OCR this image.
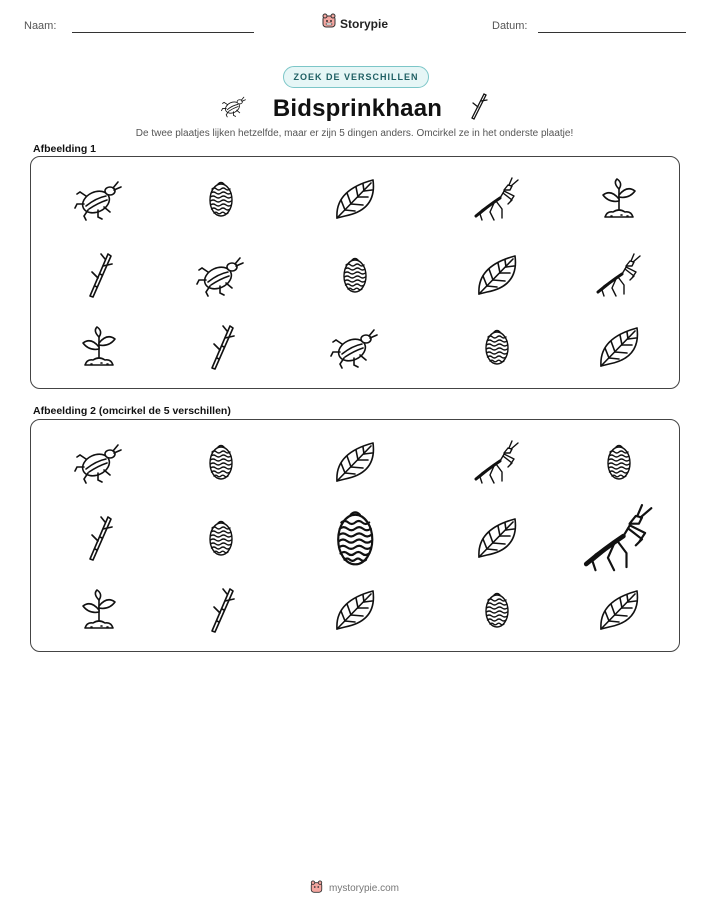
Naam:	Storypie	Datum:
ZOEK DE VERSCHILLEN
Bidsprinkhaan
De twee plaatjes lijken hetzelfde, maar er zijn 5 dingen anders. Omcirkel ze in het onderste plaatje!
Afbeelding 1
Afbeelding 2 (omcirkel de 5 verschillen)
mystorypie.com
